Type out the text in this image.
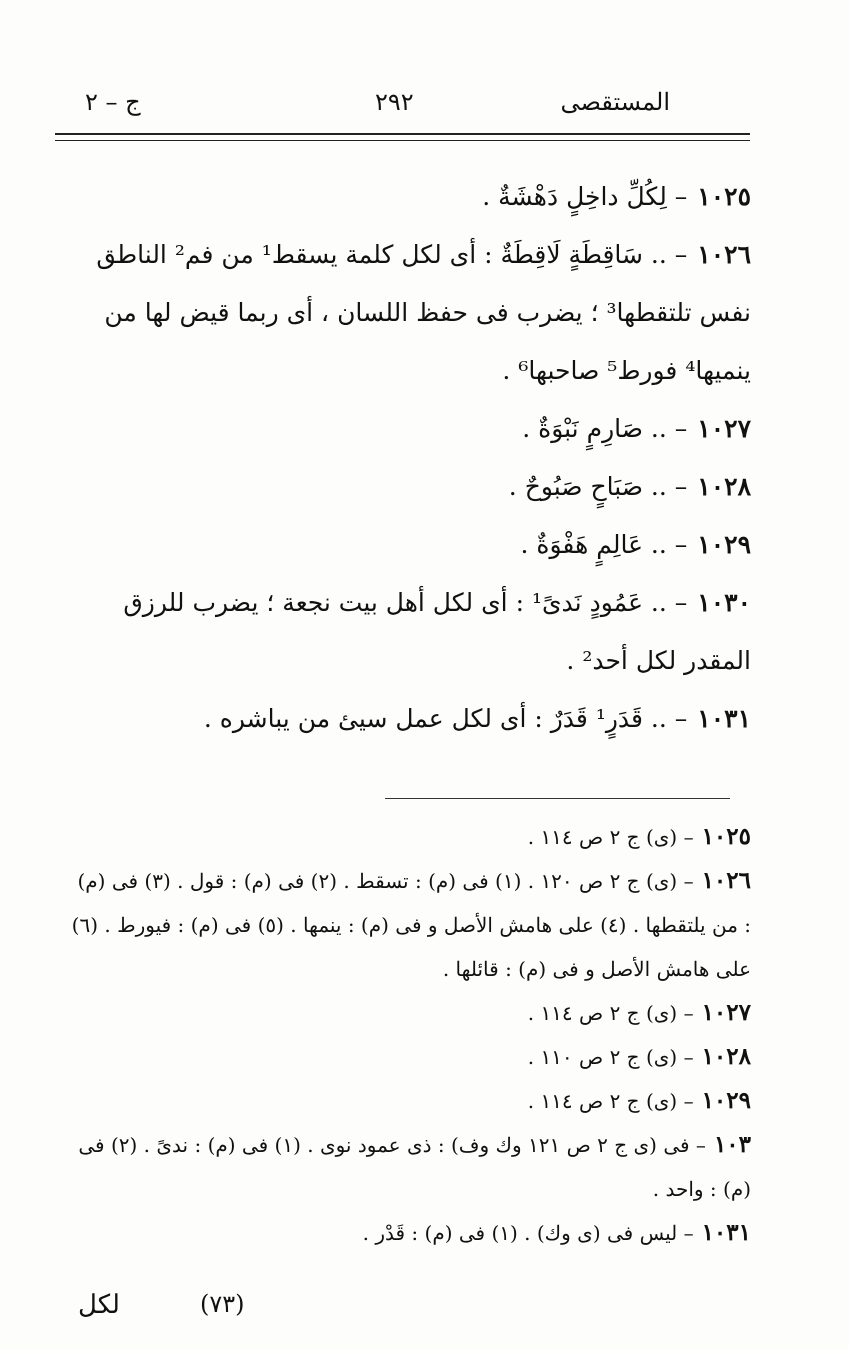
المستقصى
٢٩٢
ج – ٢

١٠٢٥– لِكُلِّ داخِلٍ دَهْشَةٌ .

١٠٢٦– .. سَاقِطَةٍ لَاقِطَةٌ : أى لكل كلمة يسقط¹ من فم² الناطق نفس تلتقطها³ ؛ يضرب فى حفظ اللسان ، أى ربما قيض لها من ينميها⁴ فورط⁵ صاحبها⁶ .

١٠٢٧– .. صَارِمٍ نَبْوَةٌ .

١٠٢٨– .. صَبَاحٍ صَبُوحٌ .

١٠٢٩– .. عَالِمٍ هَفْوَةٌ .

١٠٣٠– .. عَمُودٍ نَدىً¹ : أى لكل أهل بيت نجعة ؛ يضرب للرزق المقدر لكل أحد² .

١٠٣١– .. قَدَرٍ¹ قَدَرٌ : أى لكل عمل سيئ من يباشره .

١٠٢٥– (ى) ج ٢ ص ١١٤ .
١٠٢٦– (ى) ج ٢ ص ١٢٠ . (١) فى (م) : تسقط . (٢) فى (م) : قول . (٣) فى (م) : من يلتقطها . (٤) على هامش الأصل و فى (م) : ينمها . (٥) فى (م) : فيورط . (٦) على هامش الأصل و فى (م) : قائلها .
١٠٢٧– (ى) ج ٢ ص ١١٤ .
١٠٢٨– (ى) ج ٢ ص ١١٠ .
١٠٢٩– (ى) ج ٢ ص ١١٤ .
١٠٣– فى (ى ج ٢ ص ١٢١ وك وف) : ذى عمود نوى . (١) فى (م) : ندىً . (٢) فى (م) : واحد .
١٠٣١– ليس فى (ى وك) . (١) فى (م) : قَدْر .
لكل	(٧٣)
